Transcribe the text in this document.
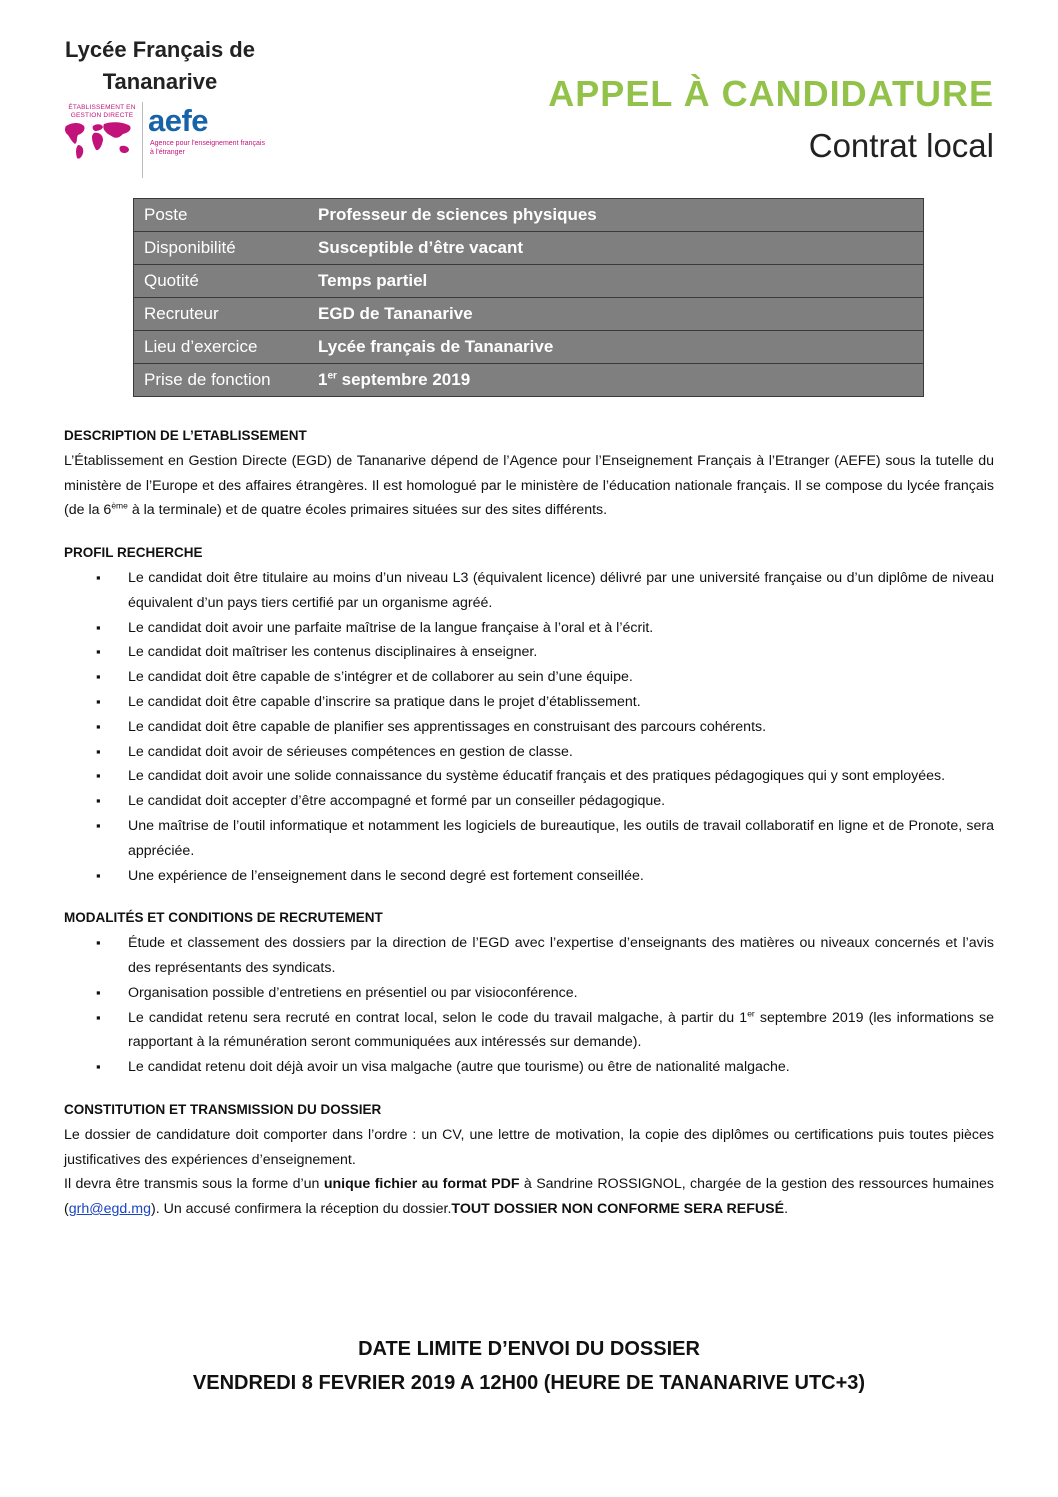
Lycée Français de
Tananarive
ÉTABLISSEMENT EN GESTION DIRECTE aefe
Agence pour l'enseignement français à l'étranger
APPEL À CANDIDATURE
Contrat local
Poste	Professeur de sciences physiques
Disponibilité	Susceptible d’être vacant
Quotité	Temps partiel
Recruteur	EGD de Tananarive
Lieu d’exercice	Lycée français de Tananarive
Prise de fonction	1er septembre 2019

DESCRIPTION DE L’ETABLISSEMENT

L’Établissement en Gestion Directe (EGD) de Tananarive dépend de l’Agence pour l’Enseignement Français à l’Etranger (AEFE) sous la tutelle du ministère de l’Europe et des affaires étrangères. Il est homologué par le ministère de l’éducation nationale français. Il se compose du lycée français (de la 6ème à la terminale) et de quatre écoles primaires situées sur des sites différents.

PROFIL RECHERCHE

▪ Le candidat doit être titulaire au moins d’un niveau L3 (équivalent licence) délivré par une université française ou d’un diplôme de niveau équivalent d’un pays tiers certifié par un organisme agréé.
▪ Le candidat doit avoir une parfaite maîtrise de la langue française à l’oral et à l’écrit.
▪ Le candidat doit maîtriser les contenus disciplinaires à enseigner.
▪ Le candidat doit être capable de s’intégrer et de collaborer au sein d’une équipe.
▪ Le candidat doit être capable d’inscrire sa pratique dans le projet d’établissement.
▪ Le candidat doit être capable de planifier ses apprentissages en construisant des parcours cohérents.
▪ Le candidat doit avoir de sérieuses compétences en gestion de classe.
▪ Le candidat doit avoir une solide connaissance du système éducatif français et des pratiques pédagogiques qui y sont employées.
▪ Le candidat doit accepter d’être accompagné et formé par un conseiller pédagogique.
▪ Une maîtrise de l’outil informatique et notamment les logiciels de bureautique, les outils de travail collaboratif en ligne et de Pronote, sera appréciée.
▪ Une expérience de l’enseignement dans le second degré est fortement conseillée.

MODALITÉS ET CONDITIONS DE RECRUTEMENT

▪ Étude et classement des dossiers par la direction de l’EGD avec l’expertise d’enseignants des matières ou niveaux concernés et l’avis des représentants des syndicats.
▪ Organisation possible d’entretiens en présentiel ou par visioconférence.
▪ Le candidat retenu sera recruté en contrat local, selon le code du travail malgache, à partir du 1er septembre 2019 (les informations se rapportant à la rémunération seront communiquées aux intéressés sur demande).
▪ Le candidat retenu doit déjà avoir un visa malgache (autre que tourisme) ou être de nationalité malgache.

CONSTITUTION ET TRANSMISSION DU DOSSIER

Le dossier de candidature doit comporter dans l’ordre : un CV, une lettre de motivation, la copie des diplômes ou certifications puis toutes pièces justificatives des expériences d’enseignement.

Il devra être transmis sous la forme d’un unique fichier au format PDF à Sandrine ROSSIGNOL, chargée de la gestion des ressources humaines (grh@egd.mg). Un accusé confirmera la réception du dossier.TOUT DOSSIER NON CONFORME SERA REFUSÉ.

DATE LIMITE D’ENVOI DU DOSSIER
VENDREDI 8 FEVRIER 2019 A 12H00 (HEURE DE TANANARIVE UTC+3)
